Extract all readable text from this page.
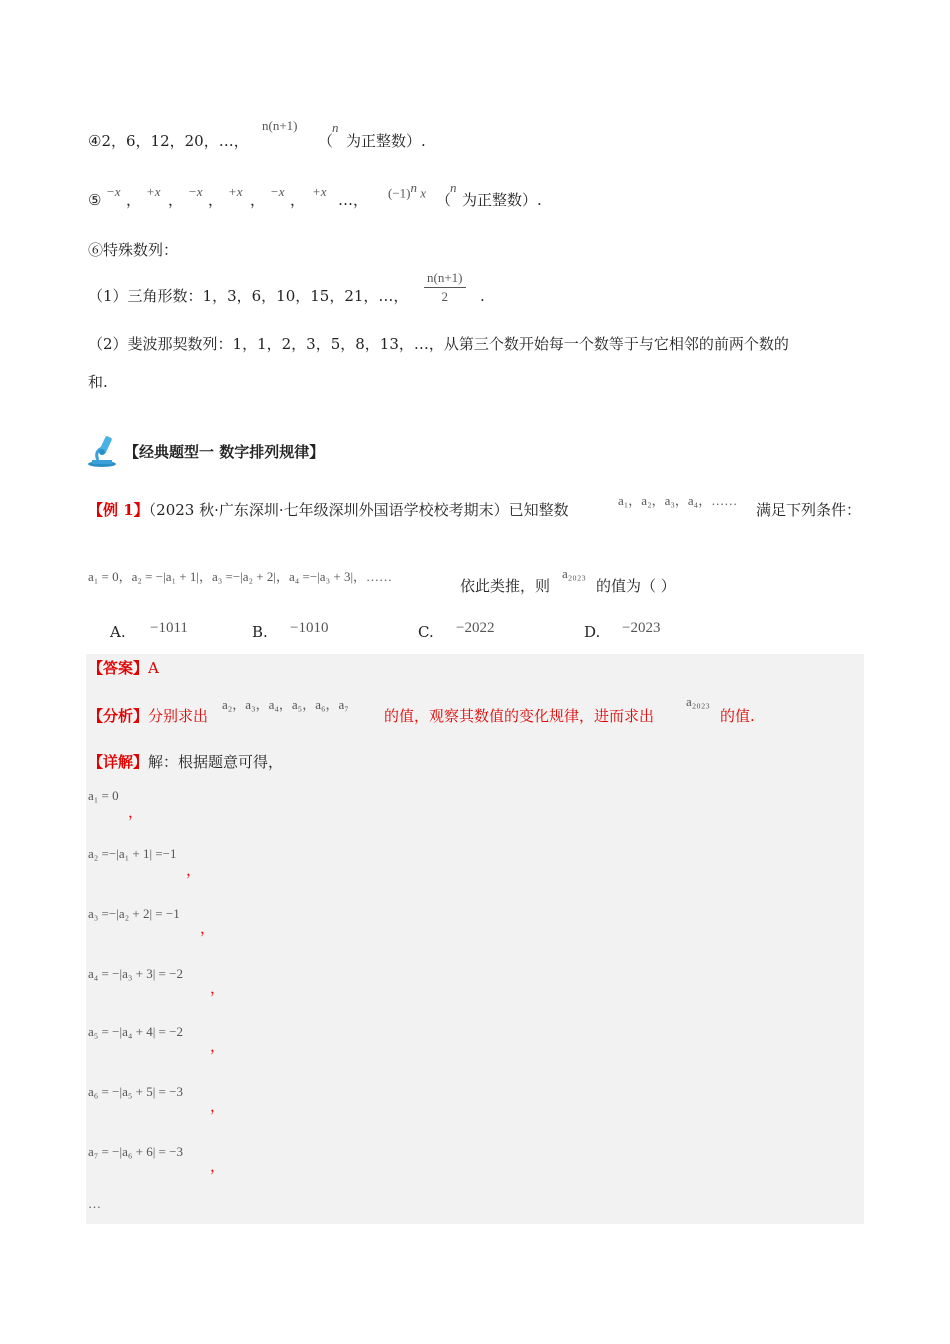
n(n+1)
④2，6，12，20，…，	（
n
为正整数）.
⑤ −x ， +x ， −x ， +x ， −x ， +x …， $(-1)^n$ x （
n
为正整数）.
⑥特殊数列：
（1）三角形数：1，3，6，10，15，21，…，
n(n+1)
2	.
（2）斐波那契数列：1，1，2，3，5，8，13，…，从第三个数开始每一个数等于与它相邻的前两个数的
和.
【经典题型一 数字排列规律】
【例 1】（2023 秋·广东深圳·七年级深圳外国语学校校考期末）已知整数
a₁，a₂，a₃，a₄，……
满足下列条件：
a₁ = 0，a₂ = −|a₁ + 1|，a₃ =−|a₂ + 2|，a₄ =−|a₃ + 3|，……
依此类推，则
a₂₀₂₃
的值为（ ）
A. −1011	B. −1010	C. −2022	D. −2023
【答案】A
【分析】分别求出
a₂，a₃，a₄，a₅，a₆，a₇
的值，观察其数值的变化规律，进而求出
a₂₀₂₃
的值.
【详解】解：根据题意可得，
a₁ = 0
，
a₂ =−|a₁ + 1| =−1
，
a₃ =−|a₂ + 2| = −1
，
a₄ = −|a₃ + 3| = −2
，
a₅ = −|a₄ + 4| = −2
，
a₆ = −|a₅ + 5| = −3
，
a₇ = −|a₆ + 6| = −3
，
…
